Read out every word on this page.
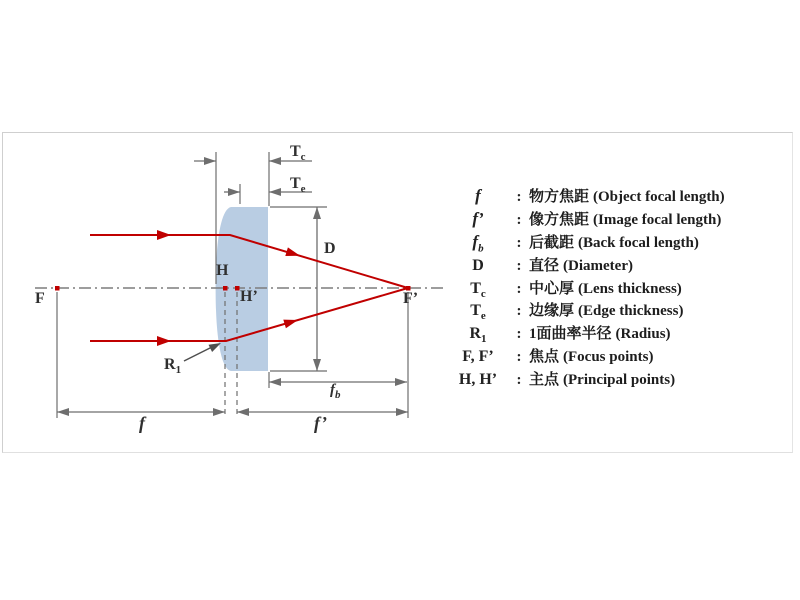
$T_c$
$T_e$
D
H
H’
F	F’
$R_1$
$f_b$
f	f’
f	: 物方焦距 (Object focal length)
f’	: 像方焦距 (Image focal length)
$f_b$	: 后截距 (Back focal length)
D	: 直径 (Diameter)
$T_c$	: 中心厚 (Lens thickness)
$T_e$	: 边缘厚 (Edge thickness)
$R_1$	: 1面曲率半径 (Radius)
F, F’	: 焦点 (Focus points)
H, H’	: 主点 (Principal points)
